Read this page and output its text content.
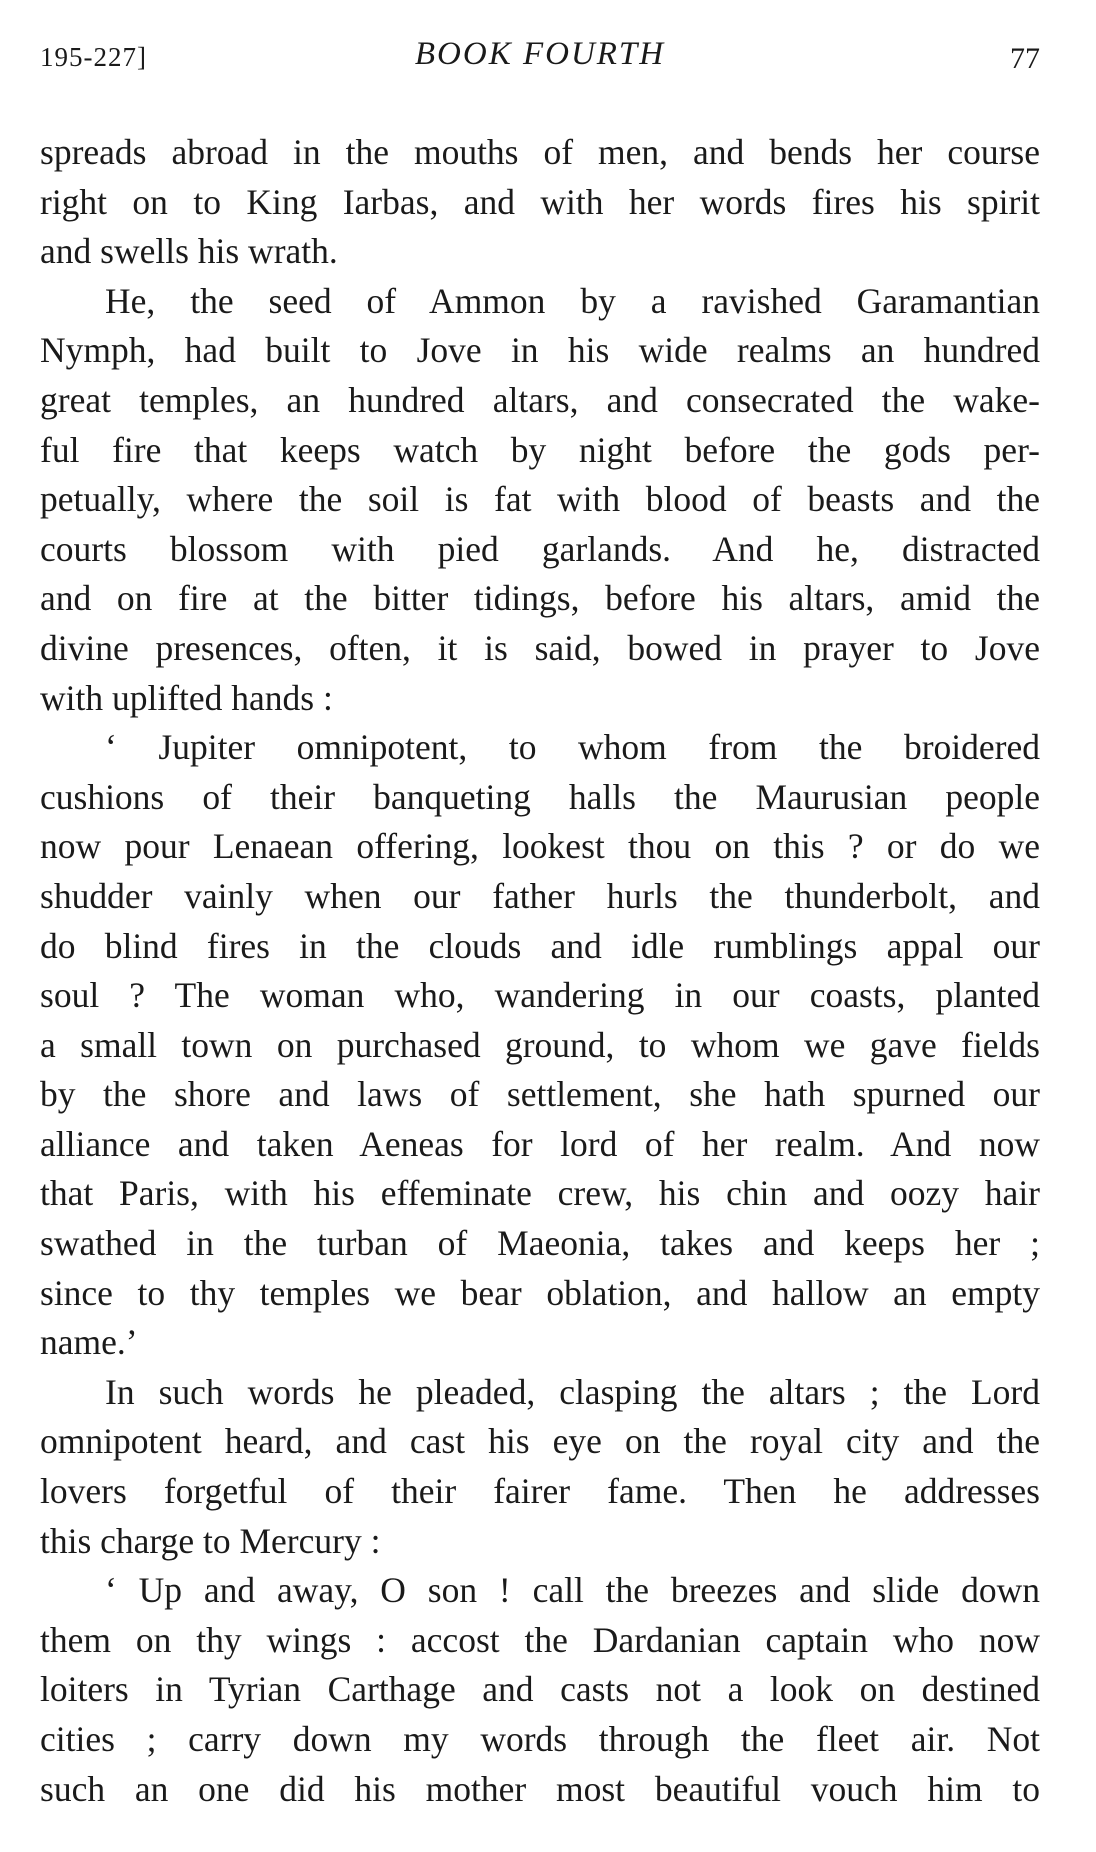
195-227]	BOOK FOURTH	77

spreads abroad in the mouths of men, and bends her course

right on to King Iarbas, and with her words fires his spirit

and swells his wrath.

He, the seed of Ammon by a ravished Garamantian

Nymph, had built to Jove in his wide realms an hundred

great temples, an hundred altars, and consecrated the wake-

ful fire that keeps watch by night before the gods per-

petually, where the soil is fat with blood of beasts and the

courts blossom with pied garlands. And he, distracted

and on fire at the bitter tidings, before his altars, amid the

divine presences, often, it is said, bowed in prayer to Jove

with uplifted hands :

‘ Jupiter omnipotent, to whom from the broidered

cushions of their banqueting halls the Maurusian people

now pour Lenaean offering, lookest thou on this ? or do we

shudder vainly when our father hurls the thunderbolt, and

do blind fires in the clouds and idle rumblings appal our

soul ? The woman who, wandering in our coasts, planted

a small town on purchased ground, to whom we gave fields

by the shore and laws of settlement, she hath spurned our

alliance and taken Aeneas for lord of her realm. And now

that Paris, with his effeminate crew, his chin and oozy hair

swathed in the turban of Maeonia, takes and keeps her ;

since to thy temples we bear oblation, and hallow an empty

name.’

In such words he pleaded, clasping the altars ; the Lord

omnipotent heard, and cast his eye on the royal city and the

lovers forgetful of their fairer fame. Then he addresses

this charge to Mercury :

‘ Up and away, O son ! call the breezes and slide down

them on thy wings : accost the Dardanian captain who now

loiters in Tyrian Carthage and casts not a look on destined

cities ; carry down my words through the fleet air. Not

such an one did his mother most beautiful vouch him to
